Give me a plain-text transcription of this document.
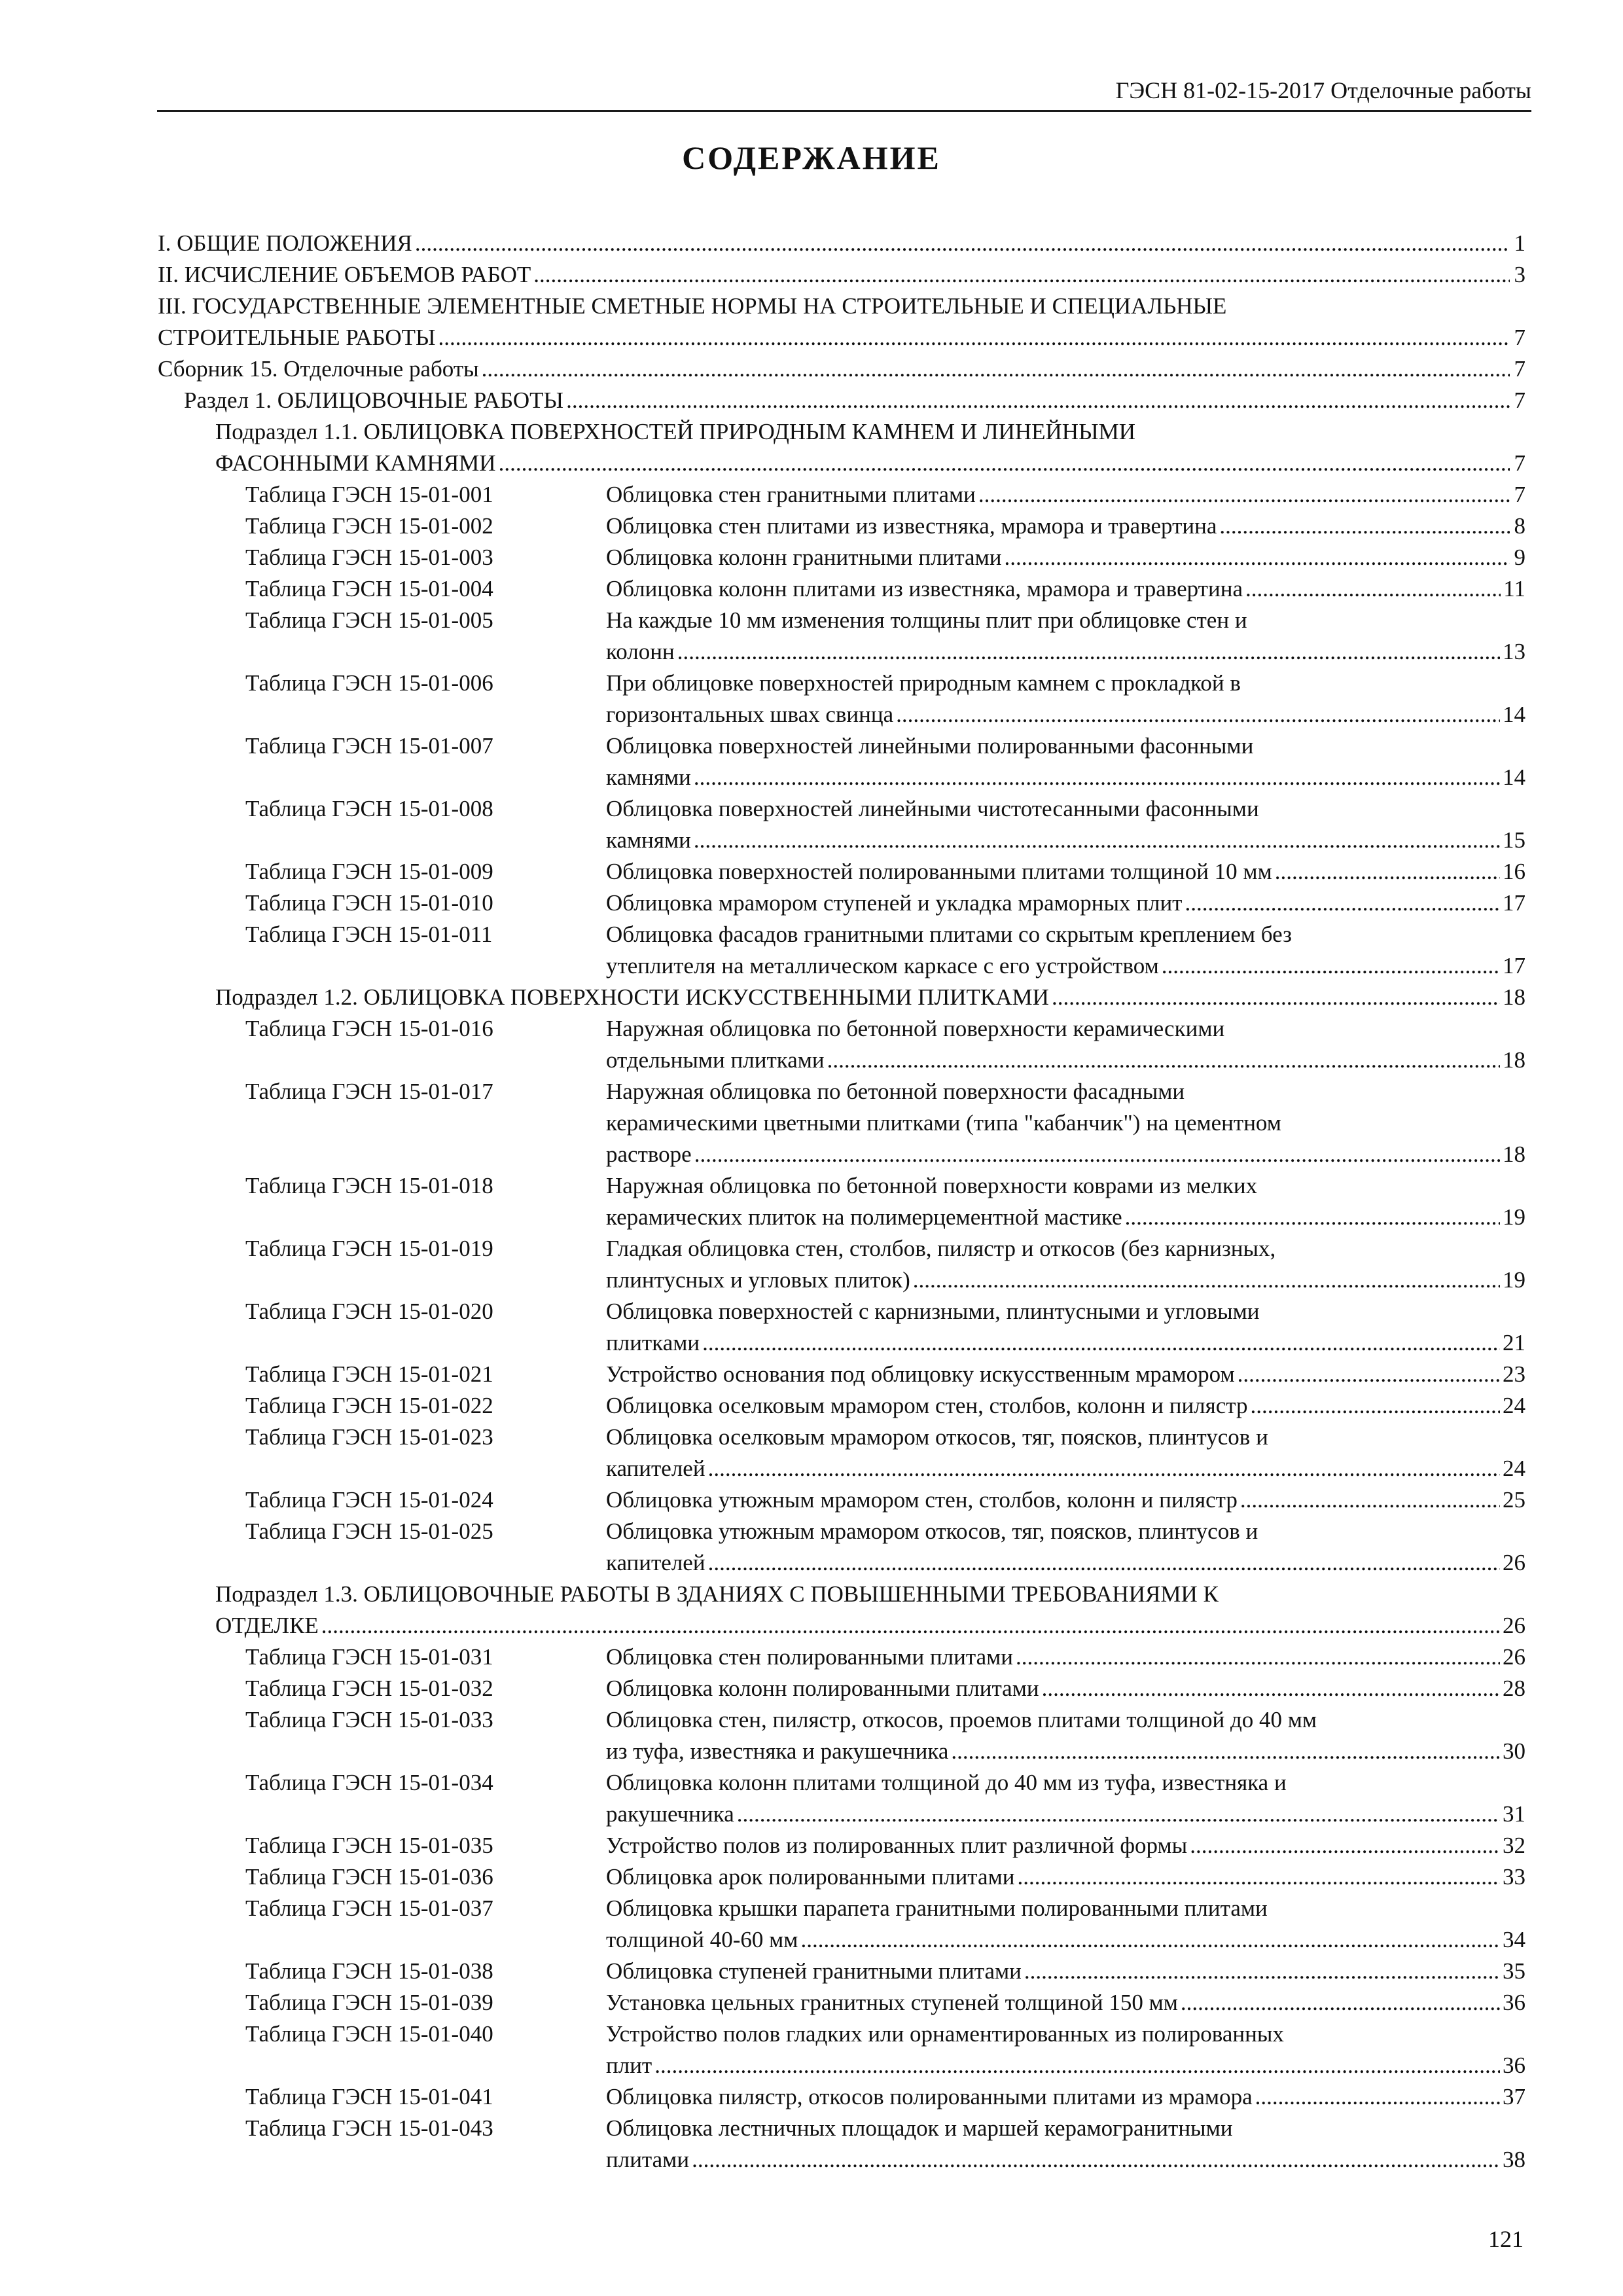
ГЭСН 81-02-15-2017 Отделочные работы
СОДЕРЖАНИЕ
I. ОБЩИЕ ПОЛОЖЕНИЯ .....	1
II. ИСЧИСЛЕНИЕ ОБЪЕМОВ РАБОТ .....	3
III. ГОСУДАРСТВЕННЫЕ ЭЛЕМЕНТНЫЕ СМЕТНЫЕ НОРМЫ НА СТРОИТЕЛЬНЫЕ И СПЕЦИАЛЬНЫЕ
СТРОИТЕЛЬНЫЕ РАБОТЫ .....	7
Сборник 15. Отделочные работы .....	7
Раздел 1. ОБЛИЦОВОЧНЫЕ РАБОТЫ .....	7
Подраздел 1.1. ОБЛИЦОВКА ПОВЕРХНОСТЕЙ ПРИРОДНЫМ КАМНЕМ И ЛИНЕЙНЫМИ
ФАСОННЫМИ КАМНЯМИ .....	7
Таблица ГЭСН 15-01-001	Облицовка стен гранитными плитами .....	7
Таблица ГЭСН 15-01-002	Облицовка стен плитами из известняка, мрамора и травертина .....	8
Таблица ГЭСН 15-01-003	Облицовка колонн гранитными плитами .....	9
Таблица ГЭСН 15-01-004	Облицовка колонн плитами из известняка, мрамора и травертина .....	11
Таблица ГЭСН 15-01-005	На каждые 10 мм изменения толщины плит при облицовке стен и
колонн .....	13
Таблица ГЭСН 15-01-006	При облицовке поверхностей природным камнем с прокладкой в
горизонтальных швах свинца .....	14
Таблица ГЭСН 15-01-007	Облицовка поверхностей линейными полированными фасонными
камнями .....	14
Таблица ГЭСН 15-01-008	Облицовка поверхностей линейными чистотесанными фасонными
камнями .....	15
Таблица ГЭСН 15-01-009	Облицовка поверхностей полированными плитами толщиной 10 мм .....	16
Таблица ГЭСН 15-01-010	Облицовка мрамором ступеней и укладка мраморных плит .....	17
Таблица ГЭСН 15-01-011	Облицовка фасадов гранитными плитами со скрытым креплением без
утеплителя на металлическом каркасе с его устройством .....	17
Подраздел 1.2. ОБЛИЦОВКА ПОВЕРХНОСТИ ИСКУССТВЕННЫМИ ПЛИТКАМИ .....	18
Таблица ГЭСН 15-01-016	Наружная облицовка по бетонной поверхности керамическими
отдельными плитками .....	18
Таблица ГЭСН 15-01-017	Наружная облицовка по бетонной поверхности фасадными
керамическими цветными плитками (типа "кабанчик") на цементном
растворе .....	18
Таблица ГЭСН 15-01-018	Наружная облицовка по бетонной поверхности коврами из мелких
керамических плиток на полимерцементной мастике .....	19
Таблица ГЭСН 15-01-019	Гладкая облицовка стен, столбов, пилястр и откосов (без карнизных,
плинтусных и угловых плиток) .....	19
Таблица ГЭСН 15-01-020	Облицовка поверхностей с карнизными, плинтусными и угловыми
плитками .....	21
Таблица ГЭСН 15-01-021	Устройство основания под облицовку искусственным мрамором .....	23
Таблица ГЭСН 15-01-022	Облицовка оселковым мрамором стен, столбов, колонн и пилястр .....	24
Таблица ГЭСН 15-01-023	Облицовка оселковым мрамором откосов, тяг, поясков, плинтусов и
капителей .....	24
Таблица ГЭСН 15-01-024	Облицовка утюжным мрамором стен, столбов, колонн и пилястр .....	25
Таблица ГЭСН 15-01-025	Облицовка утюжным мрамором откосов, тяг, поясков, плинтусов и
капителей .....	26
Подраздел 1.3. ОБЛИЦОВОЧНЫЕ РАБОТЫ В ЗДАНИЯХ С ПОВЫШЕННЫМИ ТРЕБОВАНИЯМИ К
ОТДЕЛКЕ .....	26
Таблица ГЭСН 15-01-031	Облицовка стен полированными плитами .....	26
Таблица ГЭСН 15-01-032	Облицовка колонн полированными плитами .....	28
Таблица ГЭСН 15-01-033	Облицовка стен, пилястр, откосов, проемов плитами толщиной до 40 мм
из туфа, известняка и ракушечника .....	30
Таблица ГЭСН 15-01-034	Облицовка колонн плитами толщиной до 40 мм из туфа, известняка и
ракушечника .....	31
Таблица ГЭСН 15-01-035	Устройство полов из полированных плит различной формы .....	32
Таблица ГЭСН 15-01-036	Облицовка арок полированными плитами .....	33
Таблица ГЭСН 15-01-037	Облицовка крышки парапета гранитными полированными плитами
толщиной 40-60 мм .....	34
Таблица ГЭСН 15-01-038	Облицовка ступеней гранитными плитами .....	35
Таблица ГЭСН 15-01-039	Установка цельных гранитных ступеней толщиной 150 мм .....	36
Таблица ГЭСН 15-01-040	Устройство полов гладких или орнаментированных из полированных
плит .....	36
Таблица ГЭСН 15-01-041	Облицовка пилястр, откосов полированными плитами из мрамора .....	37
Таблица ГЭСН 15-01-043	Облицовка лестничных площадок и маршей керамогранитными
плитами .....	38
121
